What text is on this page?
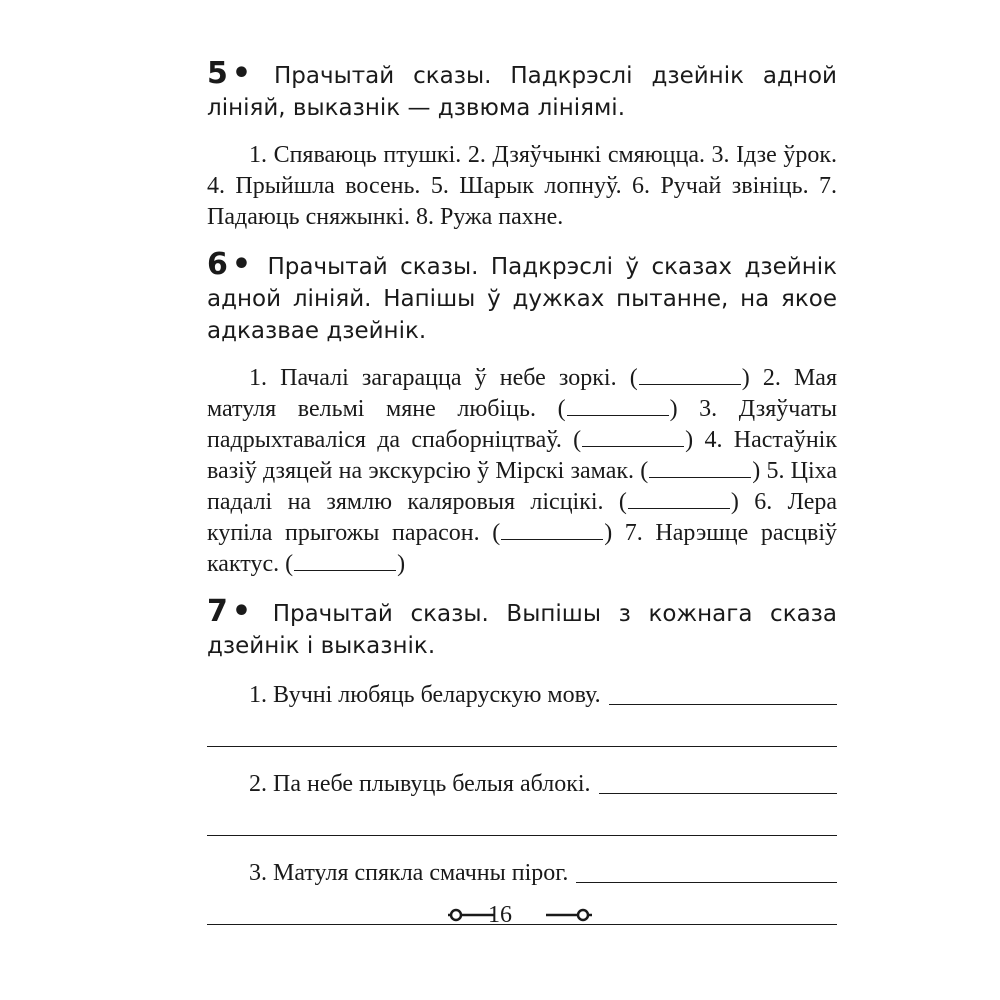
5 • Прачытай сказы. Падкрэслі дзейнік адной лініяй, выказнік — дзвюма лініямі.

1. Спяваюць птушкі. 2. Дзяўчынкі смяюцца. 3. Ідзе ўрок. 4. Прыйшла восень. 5. Шарык лопнуў. 6. Ручай звініць. 7. Падаюць сняжынкі. 8. Ружа пахне.

6 • Прачытай сказы. Падкрэслі ў сказах дзейнік адной лініяй. Напішы ў дужках пытанне, на якое адказвае дзейнік.

1. Пачалі загарацца ў небе зоркі. (	) 2. Мая матуля вельмі мяне любіць. (	) 3. Дзяўчаты падрыхтаваліся да спаборніцтваў. (	) 4. Настаўнік вазіў дзяцей на экскурсію ў Мірскі замак. (	) 5. Ціха падалі на зямлю каляровыя лісцікі. (	) 6. Лера купіла прыгожы парасон. (	) 7. Нарэшце расцвіў кактус. (	)

7 • Прачытай сказы. Выпішы з кожнага сказа дзейнік і выказнік.

1. Вучні любяць беларускую мову.
2. Па небе плывуць белыя аблокі.
3. Матуля спякла смачны пірог.
16
